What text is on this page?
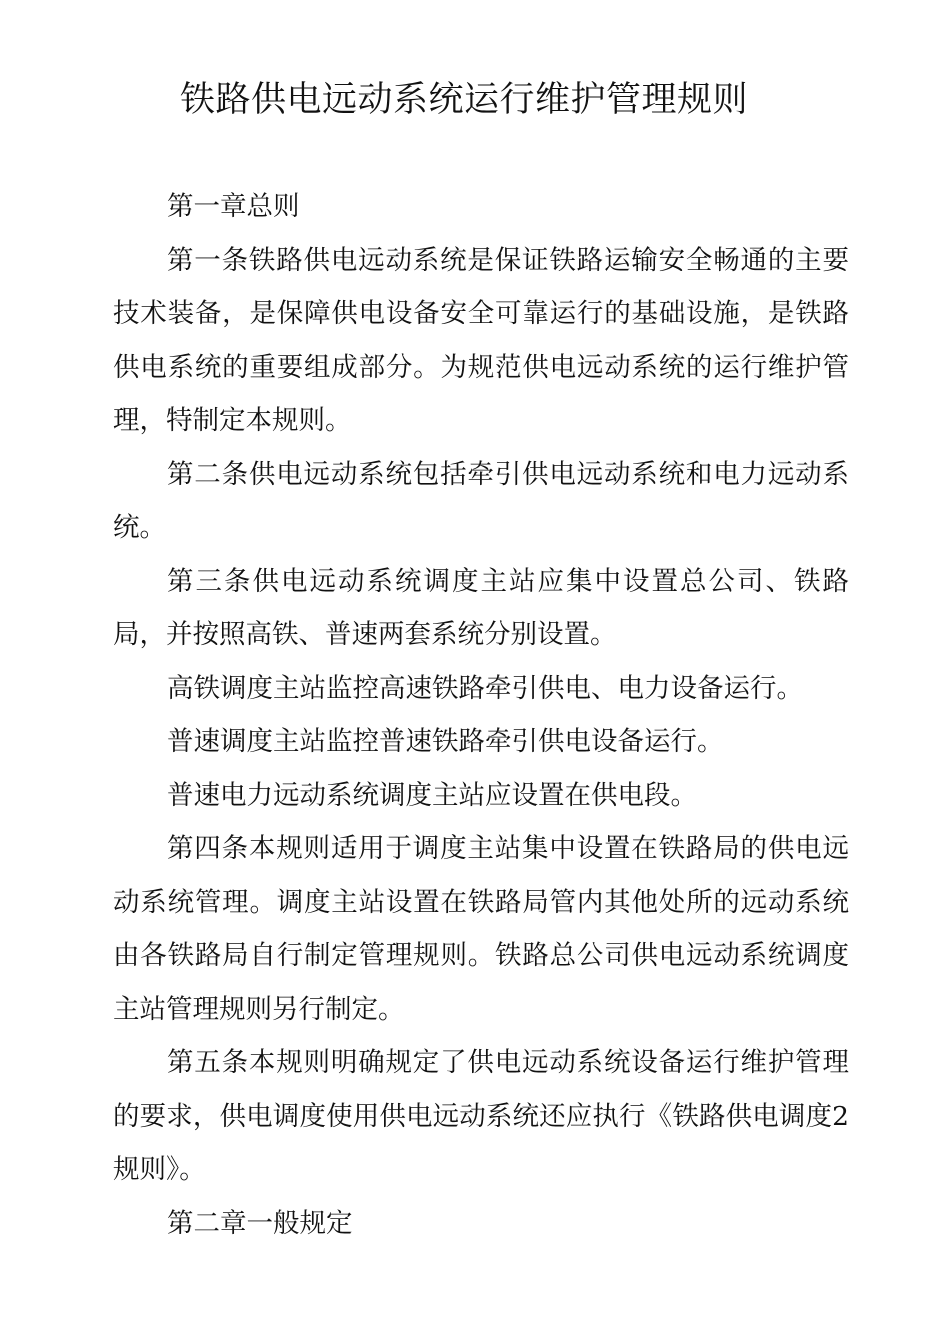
铁路供电远动系统运行维护管理规则

第一章总则

第一条铁路供电远动系统是保证铁路运输安全畅通的主要技术装备，是保障供电设备安全可靠运行的基础设施，是铁路供电系统的重要组成部分。为规范供电远动系统的运行维护管理，特制定本规则。

第二条供电远动系统包括牵引供电远动系统和电力远动系统。

第三条供电远动系统调度主站应集中设置总公司、铁路局，并按照高铁、普速两套系统分别设置。

高铁调度主站监控高速铁路牵引供电、电力设备运行。

普速调度主站监控普速铁路牵引供电设备运行。

普速电力远动系统调度主站应设置在供电段。

第四条本规则适用于调度主站集中设置在铁路局的供电远动系统管理。调度主站设置在铁路局管内其他处所的远动系统由各铁路局自行制定管理规则。铁路总公司供电远动系统调度主站管理规则另行制定。

第五条本规则明确规定了供电远动系统设备运行维护管理的要求，供电调度使用供电远动系统还应执行《铁路供电调度2规则》。

第二章一般规定
